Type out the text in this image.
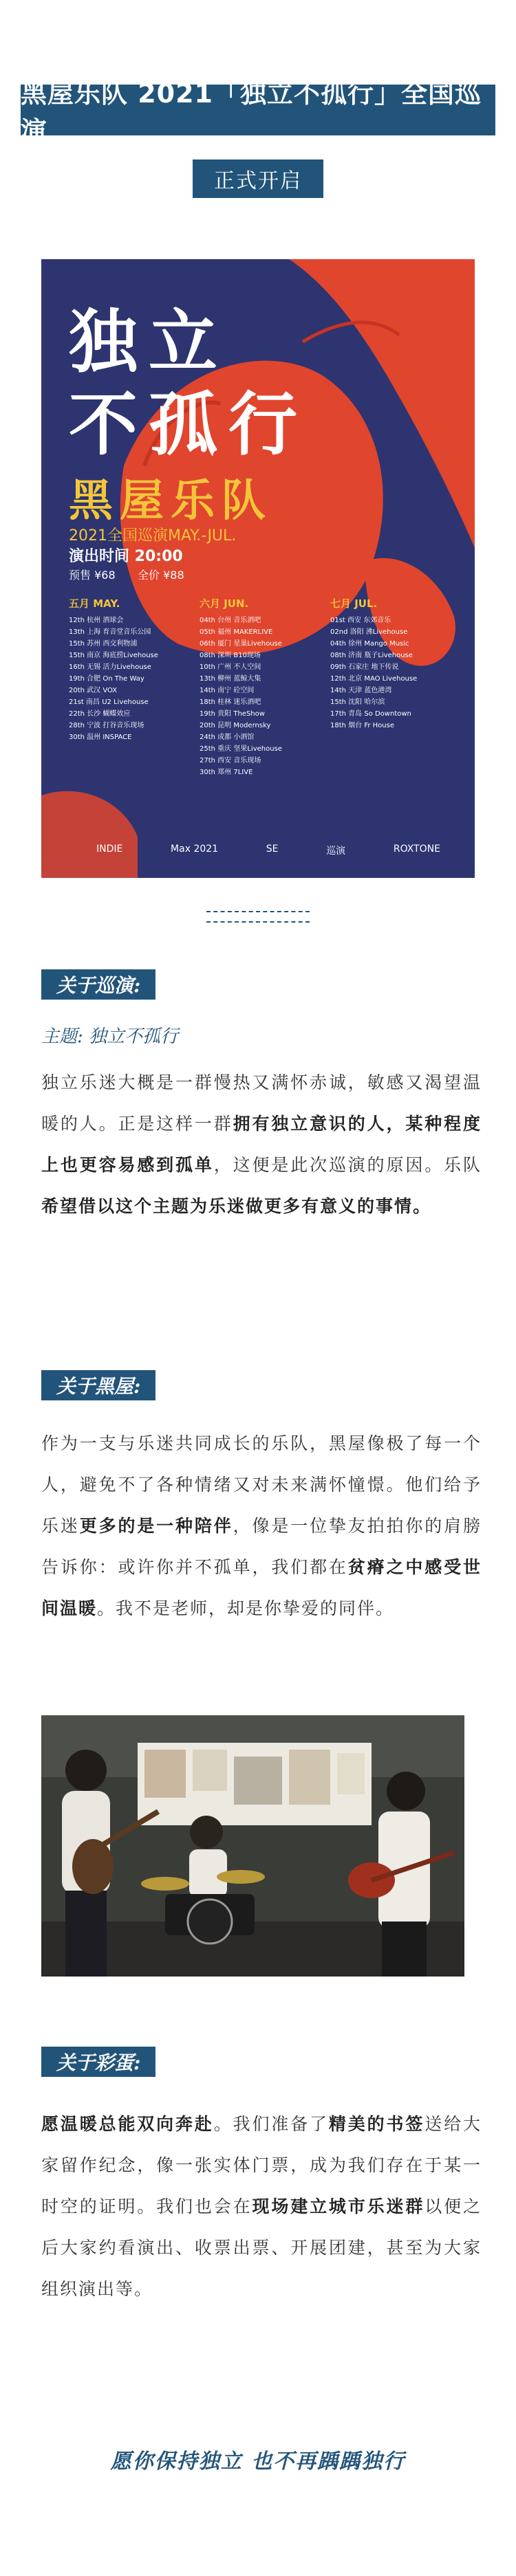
黑屋乐队 2021「独立不孤行」全国巡演
正式开启
独立
不孤行
黑屋乐队
2021全国巡演MAY.-JUL.
演出时间 20:00
预售 ¥68 全价 ¥88
五月 MAY.
12th 杭州 酒球会
13th 上海 育音堂音乐公园
15th 苏州 西交利物浦
15th 南京 海底捞Livehouse
16th 无锡 活力Livehouse
19th 合肥 On The Way
20th 武汉 VOX
21st 南昌 U2 Livehouse
22th 长沙 蝴蝶效应
28th 宁波 打谷音乐现场
30th 温州 INSPACE
六月 JUN.
04th 台州 音乐酒吧
05th 福州 MAKERLIVE
06th 厦门 星巢Livehouse
08th 深圳 B10现场
10th 广州 不人空间
13th 柳州 蓝鲸大集
14th 南宁 砼空间
18th 桂林 迷乐酒吧
19th 贵阳 TheShow
20th 昆明 Modernsky
24th 成都 小酒馆
25th 重庆 坚果Livehouse
27th 西安 音乐现场
30th 郑州 7LIVE
七月 JUL.
01st 西安 东郊音乐
02nd 洛阳 沸Livehouse
04th 徐州 Mango Music
08th 济南 瓶子Livehouse
09th 石家庄 地下传说
12th 北京 MAO Livehouse
14th 天津 蓝色港湾
15th 沈阳 哈尔滨
17th 青岛 So Downtown
18th 烟台 Fr House
INDIE	Max 2021	SE	巡演	ROXTONE
关于巡演:
主题: 独立不孤行
独立乐迷大概是一群慢热又满怀赤诚，敏感又渴望温暖的人。正是这样一群拥有独立意识的人，某种程度上也更容易感到孤单，这便是此次巡演的原因。乐队希望借以这个主题为乐迷做更多有意义的事情。
关于黑屋:
作为一支与乐迷共同成长的乐队，黑屋像极了每一个人，避免不了各种情绪又对未来满怀憧憬。他们给予乐迷更多的是一种陪伴，像是一位挚友拍拍你的肩膀告诉你：或许你并不孤单，我们都在贫瘠之中感受世间温暖。我不是老师，却是你挚爱的同伴。
关于彩蛋:
愿温暖总能双向奔赴。我们准备了精美的书签送给大家留作纪念，像一张实体门票，成为我们存在于某一时空的证明。我们也会在现场建立城市乐迷群以便之后大家约看演出、收票出票、开展团建，甚至为大家组织演出等。
愿你保持独立 也不再踽踽独行
